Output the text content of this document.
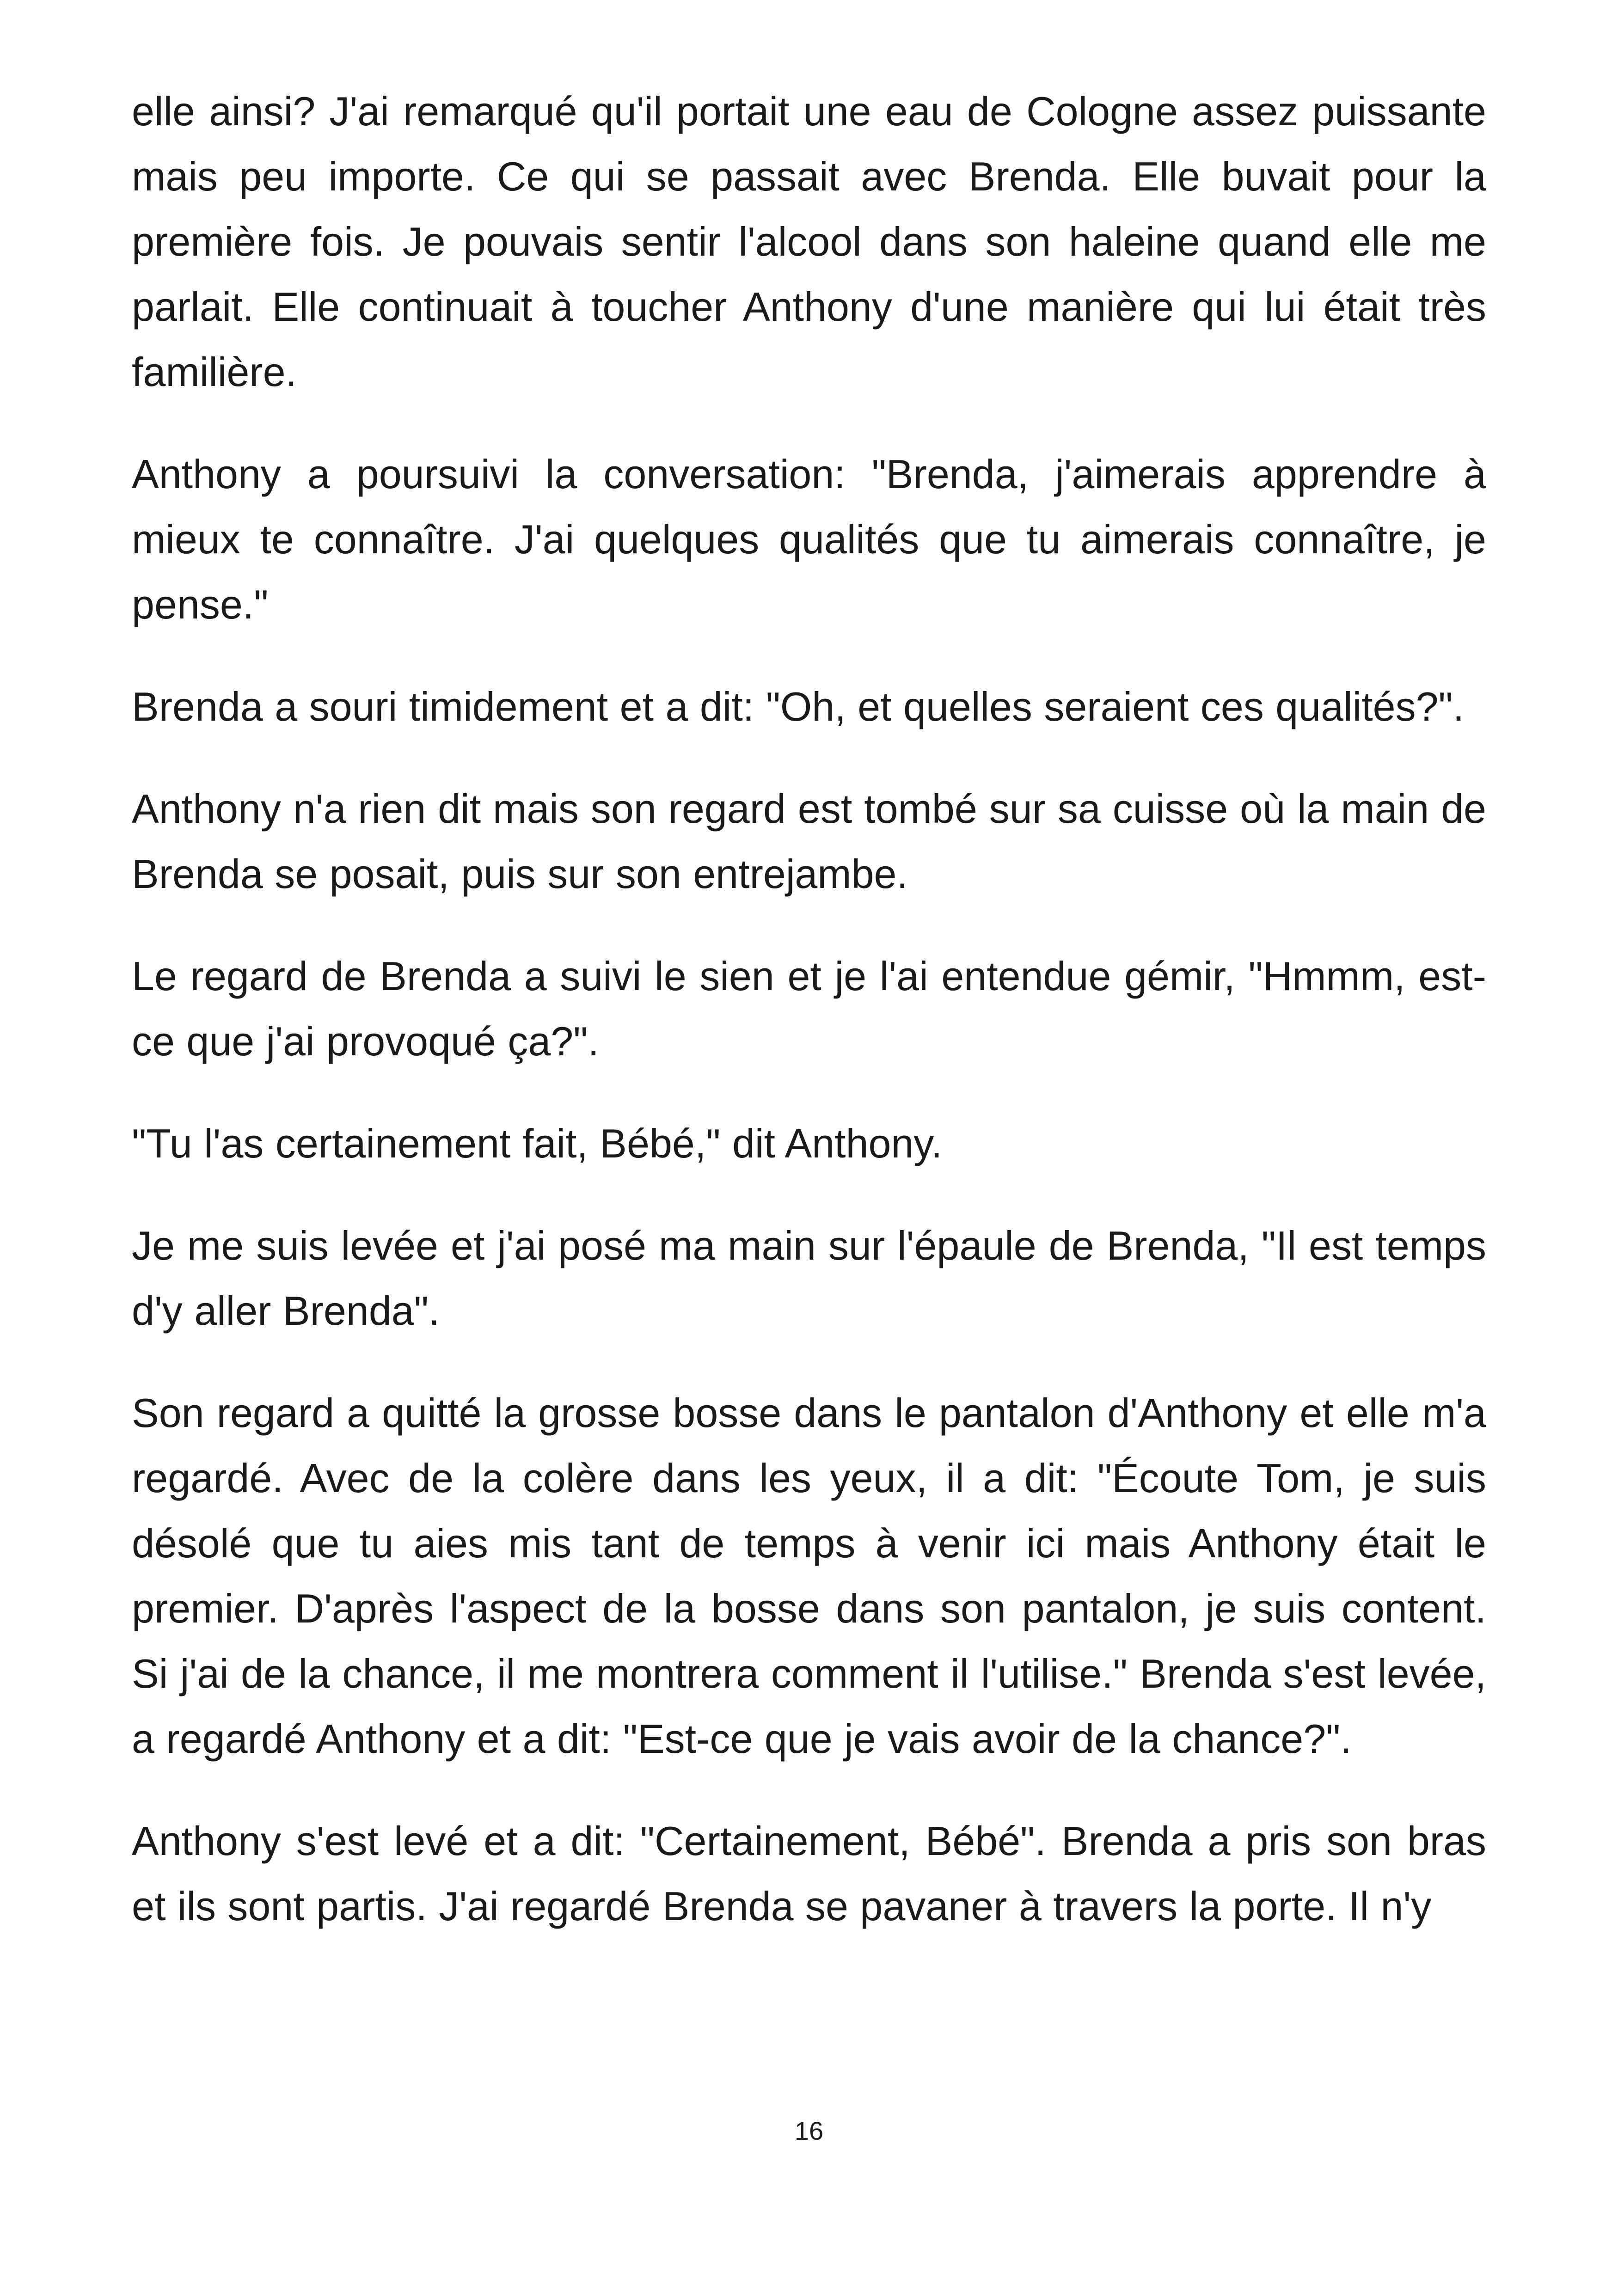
elle ainsi? J'ai remarqué qu'il portait une eau de Cologne assez puissante mais peu importe. Ce qui se passait avec Brenda. Elle buvait pour la première fois. Je pouvais sentir l'alcool dans son haleine quand elle me parlait. Elle continuait à toucher Anthony d'une manière qui lui était très familière.

Anthony a poursuivi la conversation: "Brenda, j'aimerais apprendre à mieux te connaître. J'ai quelques qualités que tu aimerais connaître, je pense."

Brenda a souri timidement et a dit: "Oh, et quelles seraient ces qualités?".

Anthony n'a rien dit mais son regard est tombé sur sa cuisse où la main de Brenda se posait, puis sur son entrejambe.

Le regard de Brenda a suivi le sien et je l'ai entendue gémir, "Hmmm, est-ce que j'ai provoqué ça?".

"Tu l'as certainement fait, Bébé," dit Anthony.

Je me suis levée et j'ai posé ma main sur l'épaule de Brenda, "Il est temps d'y aller Brenda".

Son regard a quitté la grosse bosse dans le pantalon d'Anthony et elle m'a regardé. Avec de la colère dans les yeux, il a dit: "Écoute Tom, je suis désolé que tu aies mis tant de temps à venir ici mais Anthony était le premier. D'après l'aspect de la bosse dans son pantalon, je suis content. Si j'ai de la chance, il me montrera comment il l'utilise." Brenda s'est levée, a regardé Anthony et a dit: "Est-ce que je vais avoir de la chance?".

Anthony s'est levé et a dit: "Certainement, Bébé". Brenda a pris son bras et ils sont partis. J'ai regardé Brenda se pavaner à travers la porte. Il n'y

16
